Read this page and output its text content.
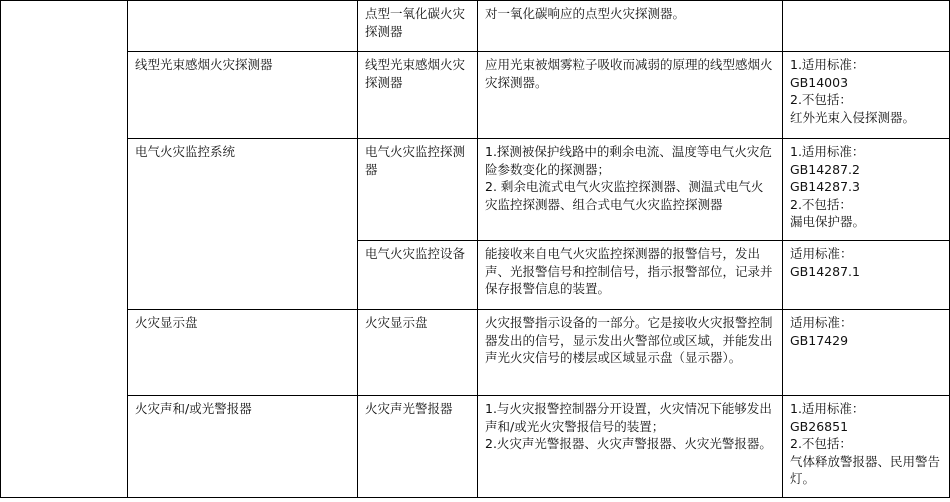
		点型一氧化碳火灾探测器	对一氧化碳响应的点型火灾探测器。	

	线型光束感烟火灾探测器	线型光束感烟火灾探测器	应用光束被烟雾粒子吸收而减弱的原理的线型感烟火灾探测器。	1.适用标准：
GB14003
2.不包括：
红外光束入侵探测器。

	电气火灾监控系统	电气火灾监控探测器	1.探测被保护线路中的剩余电流、温度等电气火灾危险参数变化的探测器；
2. 剩余电流式电气火灾监控探测器、测温式电气火灾监控探测器、组合式电气火灾监控探测器	1.适用标准：
GB14287.2
GB14287.3
2.不包括：
漏电保护器。

		电气火灾监控设备	能接收来自电气火灾监控探测器的报警信号，发出声、光报警信号和控制信号，指示报警部位，记录并保存报警信息的装置。	适用标准：
GB14287.1

	火灾显示盘	火灾显示盘	火灾报警指示设备的一部分。它是接收火灾报警控制器发出的信号，显示发出火警部位或区域，并能发出声光火灾信号的楼层或区域显示盘（显示器）。	适用标准：
GB17429

	火灾声和/或光警报器	火灾声光警报器	1.与火灾报警控制器分开设置，火灾情况下能够发出声和/或光火灾警报信号的装置；
2.火灾声光警报器、火灾声警报器、火灾光警报器。	1.适用标准：
GB26851
2.不包括：
气体释放警报器、民用警告灯。
